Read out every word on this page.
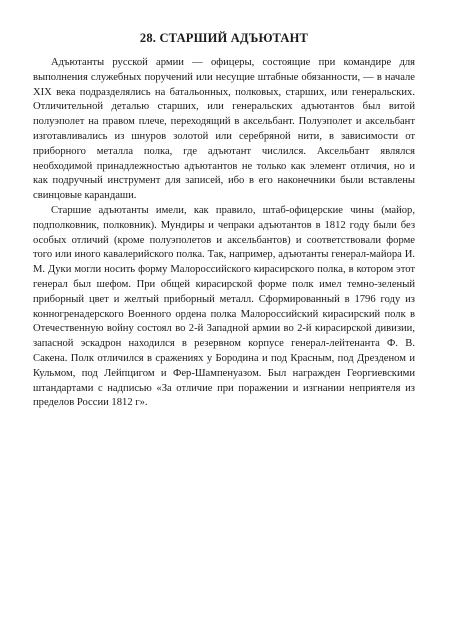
28. СТАРШИЙ АДЪЮТАНТ

Адъютанты русской армии — офицеры, состоящие при командире для выполнения служебных поручений или несущие штабные обязанности, — в начале XIX века подразделялись на батальонных, полковых, старших, или генеральских. Отличительной деталью старших, или генеральских адъютантов был витой полуэполет на правом плече, переходящий в аксельбант. Полуэполет и аксельбант изготавливались из шнуров золотой или серебряной нити, в зависимости от приборного металла полка, где адъютант числился. Аксельбант являлся необходимой принадлежностью адъютантов не только как элемент отличия, но и как подручный инструмент для записей, ибо в его наконечники были вставлены свинцовые карандаши.

Старшие адъютанты имели, как правило, штаб-офицерские чины (майор, подполковник, полковник). Мундиры и чепраки адъютантов в 1812 году были без особых отличий (кроме полуэполетов и аксельбантов) и соответствовали форме того или иного кавалерийского полка. Так, например, адъютанты генерал-майора И. М. Дуки могли носить форму Малороссийского кирасирского полка, в котором этот генерал был шефом. При общей кирасирской форме полк имел темно-зеленый приборный цвет и желтый приборный металл. Сформированный в 1796 году из конногренадерского Военного ордена полка Малороссийский кирасирский полк в Отечественную войну состоял во 2-й Западной армии во 2-й кирасирской дивизии, запасной эскадрон находился в резервном корпусе генерал-лейтенанта Ф. В. Сакена. Полк отличился в сражениях у Бородина и под Красным, под Дрезденом и Кульмом, под Лейпцигом и Фер-Шампенуазом. Был награжден Георгиевскими штандартами с надписью «За отличие при поражении и изгнании неприятеля из пределов России 1812 г».
